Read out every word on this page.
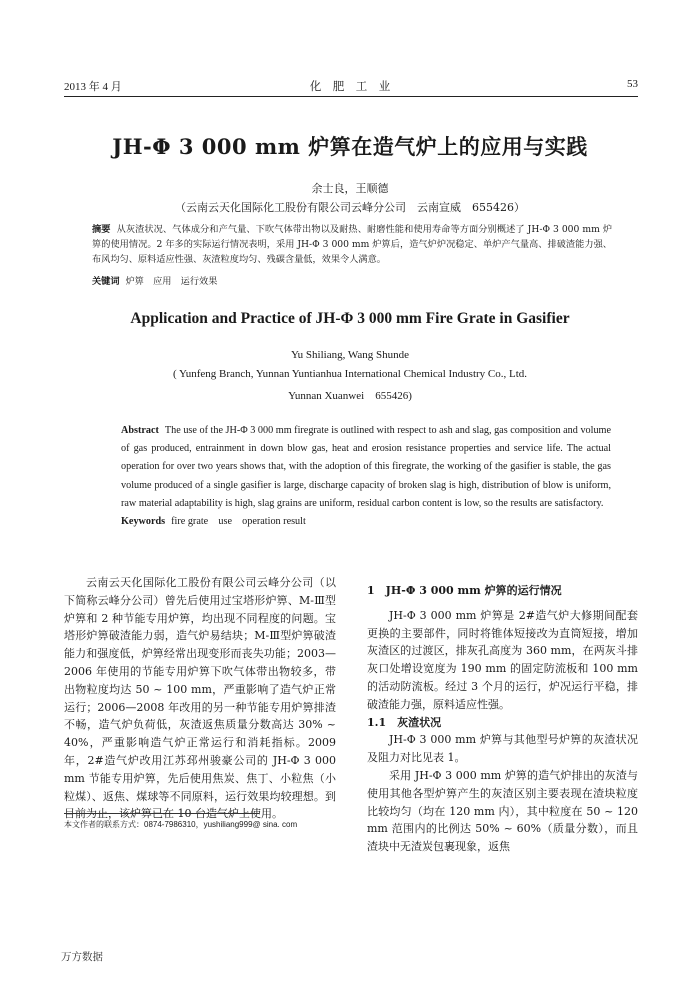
2013 年 4 月	化　肥　工　业	53
JH-Φ 3 000 mm 炉箅在造气炉上的应用与实践
余士良，王顺德
（云南云天化国际化工股份有限公司云峰分公司　云南宣威　655426）
摘要 从灰渣状况、气体成分和产气量、下吹气体带出物以及耐热、耐磨性能和使用寿命等方面分别概述了 JH-Φ 3 000 mm 炉箅的使用情况。2 年多的实际运行情况表明，采用 JH-Φ 3 000 mm 炉箅后，造气炉炉况稳定、单炉产气量高、排破渣能力强、布风均匀、原料适应性强、灰渣粒度均匀、残碳含量低，效果令人满意。
关键词 炉箅　应用　运行效果
Application and Practice of JH-Φ 3 000 mm Fire Grate in Gasifier
Yu Shiliang, Wang Shunde
( Yunfeng Branch, Yunnan Yuntianhua International Chemical Industry Co., Ltd.
Yunnan Xuanwei　655426)
Abstract The use of the JH-Φ 3 000 mm firegrate is outlined with respect to ash and slag, gas composition and volume of gas produced, entrainment in down blow gas, heat and erosion resistance properties and service life. The actual operation for over two years shows that, with the adoption of this firegrate, the working of the gasifier is stable, the gas volume produced of a single gasifier is large, discharge capacity of broken slag is high, distribution of blow is uniform, raw material adaptability is high, slag grains are uniform, residual carbon content is low, so the results are satisfactory.
Keywords fire grate　use　operation result

云南云天化国际化工股份有限公司云峰分公司（以下简称云峰分公司）曾先后使用过宝塔形炉箅、M-Ⅲ型炉箅和 2 种节能专用炉箅，均出现不同程度的问题。宝塔形炉箅破渣能力弱，造气炉易结块；M-Ⅲ型炉箅破渣能力和强度低，炉箅经常出现变形而丧失功能；2003—2006 年使用的节能专用炉箅下吹气体带出物较多，带出物粒度均达 50 ~ 100 mm，严重影响了造气炉正常运行；2006—2008 年改用的另一种节能专用炉箅排渣不畅，造气炉负荷低，灰渣返焦质量分数高达 30% ~ 40%，严重影响造气炉正常运行和消耗指标。2009 年，2#造气炉改用江苏邳州骏豪公司的 JH-Φ 3 000 mm 节能专用炉箅，先后使用焦炭、焦丁、小粒焦（小粒煤）、返焦、煤球等不同原料，运行效果均较理想。到目前为止，该炉箅已在 10 台造气炉上使用。

1　JH-Φ 3 000 mm 炉箅的运行情况

JH-Φ 3 000 mm 炉箅是 2#造气炉大修期间配套更换的主要部件，同时将锥体短接改为直筒短接，增加灰渣区的过渡区，排灰孔高度为 360 mm，在两灰斗排灰口处增设宽度为 190 mm 的固定防流板和 100 mm 的活动防流板。经过 3 个月的运行，炉况运行平稳，排破渣能力强，原料适应性强。

1.1　灰渣状况

JH-Φ 3 000 mm 炉箅与其他型号炉箅的灰渣状况及阻力对比见表 1。

采用 JH-Φ 3 000 mm 炉箅的造气炉排出的灰渣与使用其他各型炉箅产生的灰渣区别主要表现在渣块粒度比较均匀（均在 120 mm 内），其中粒度在 50 ~ 120 mm 范围内的比例达 50% ~ 60%（质量分数），而且渣块中无渣炭包裹现象，返焦

本文作者的联系方式：0874-7986310，yushiliang999@ sina. com
万方数据
